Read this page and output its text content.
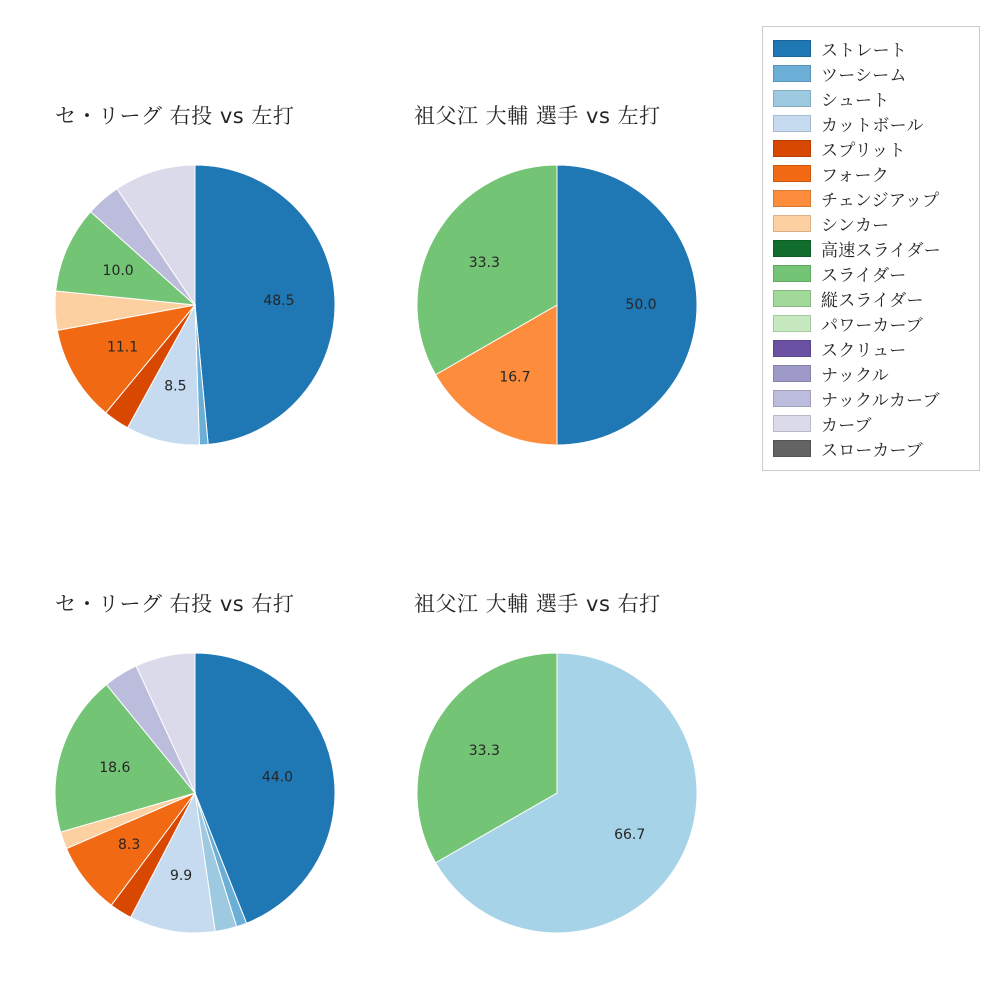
セ・リーグ 右投 vs 左打
48.5
8.5
11.1
10.0
祖父江 大輔 選手 vs 左打
50.0
16.7
33.3
セ・リーグ 右投 vs 右打
44.0
9.9
8.3
18.6
祖父江 大輔 選手 vs 右打
66.7
33.3
ストレート
ツーシーム
シュート
カットボール
スプリット
フォーク
チェンジアップ
シンカー
高速スライダー
スライダー
縦スライダー
パワーカーブ
スクリュー
ナックル
ナックルカーブ
カーブ
スローカーブ
